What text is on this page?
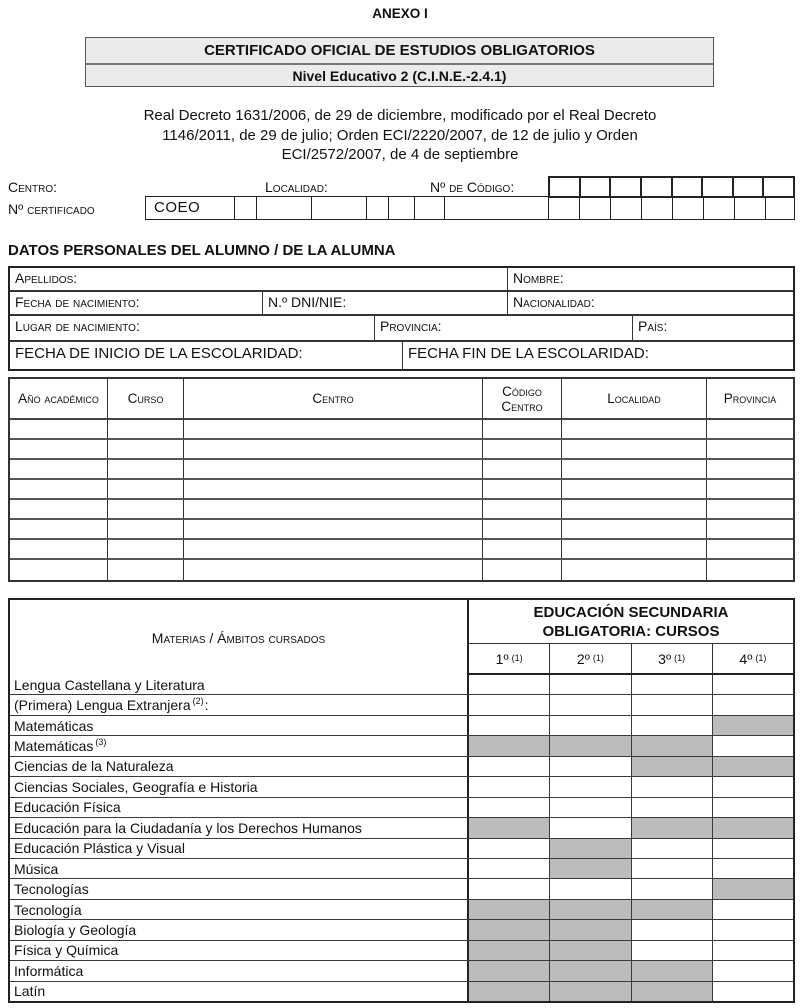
ANEXO I
CERTIFICADO OFICIAL DE ESTUDIOS OBLIGATORIOS
Nivel Educativo 2 (C.I.N.E.-2.4.1)
Real Decreto 1631/2006, de 29 de diciembre, modificado por el Real Decreto
1146/2011, de 29 de julio; Orden ECI/2220/2007, de 12 de julio y Orden
ECI/2572/2007, de 4 de septiembre
Centro:	Localidad:	Nº de Código:
Nº certificado	COEO
DATOS PERSONALES DEL ALUMNO / DE LA ALUMNA
Apellidos:	Nombre:
Fecha de nacimiento:	N.º DNI/NIE:	Nacionalidad:
Lugar de nacimiento:	Provincia:	País:
FECHA DE INICIO DE LA ESCOLARIDAD:	FECHA FIN DE LA ESCOLARIDAD:
Año académico	Curso	Centro	Código Centro	Localidad	Provincia
Materias / Ámbitos cursados
EDUCACIÓN SECUNDARIA OBLIGATORIA: CURSOS
1º $^{(1)}$	2º $^{(1)}$	3º $^{(1)}$	4º $^{(1)}$
Lengua Castellana y Literatura
(Primera) Lengua Extranjera$^{(2)}$ :
Matemáticas
Matemáticas$^{(3)}$
Ciencias de la Naturaleza
Ciencias Sociales, Geografía e Historia
Educación Física
Educación para la Ciudadanía y los Derechos Humanos
Educación Plástica y Visual
Música
Tecnologías
Tecnología
Biología y Geología
Física y Química
Informática
Latín
